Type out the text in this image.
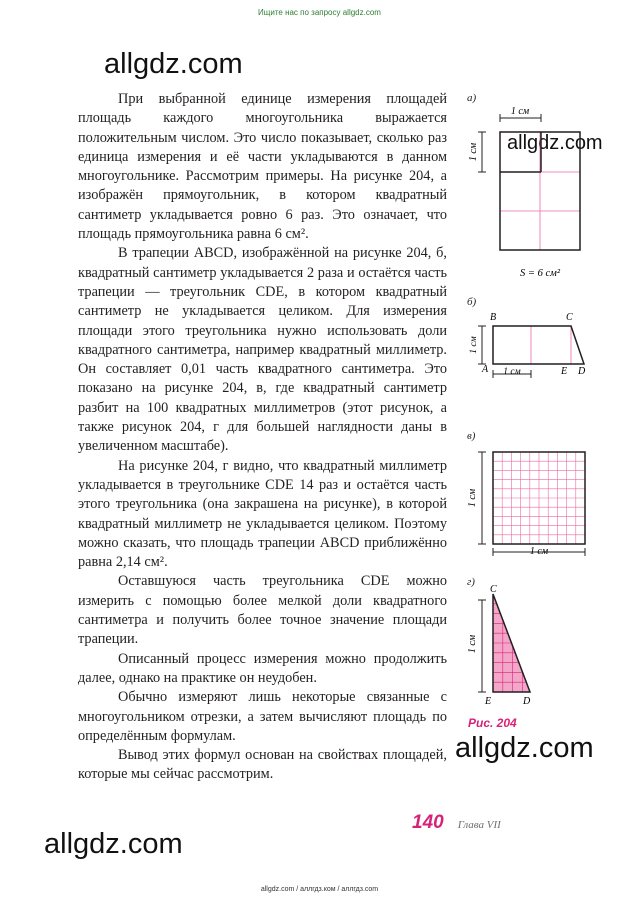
Ищите нас по запросу allgdz.com
allgdz.com
allgdz.com
allgdz.com
allgdz.com

При выбранной единице измерения площадей площадь каждого многоугольника выражается положительным числом. Это число показывает, сколько раз единица измерения и её части укладываются в данном многоугольнике. Рассмотрим примеры. На рисунке 204, а изображён прямоугольник, в котором квадратный сантиметр укладывается ровно 6 раз. Это означает, что площадь прямоугольника равна 6 см².

В трапеции ABCD, изображённой на рисунке 204, б, квадратный сантиметр укладывается 2 раза и остаётся часть трапеции — треугольник CDE, в котором квадратный сантиметр не укладывается целиком. Для измерения площади этого треугольника нужно использовать доли квадратного сантиметра, например квадратный миллиметр. Он составляет 0,01 часть квадратного сантиметра. Это показано на рисунке 204, в, где квадратный сантиметр разбит на 100 квадратных миллиметров (этот рисунок, а также рисунок 204, г для большей наглядности даны в увеличенном масштабе).

На рисунке 204, г видно, что квадратный миллиметр укладывается в треугольнике CDE 14 раз и остаётся часть этого треугольника (она закрашена на рисунке), в которой квадратный миллиметр не укладывается целиком. Поэтому можно сказать, что площадь трапеции ABCD приближённо равна 2,14 см².

Оставшуюся часть треугольника CDE можно измерить с помощью более мелкой доли квадратного сантиметра и получить более точное значение площади трапеции.

Описанный процесс измерения можно продолжить далее, однако на практике он неудобен.

Обычно измеряют лишь некоторые связанные с многоугольником отрезки, а затем вычисляют площадь по определённым формулам.

Вывод этих формул основан на свойствах площадей, которые мы сейчас рассмотрим.

а)
б)
в)
г)
1 см
1 см
S = 6 см²
B	C
A	E D
1 см
1 см
1 см
1 см
C
E	D
1 см
Рис. 204
140 Глава VII
allgdz.com / аллгдз.ком / аллгдз.com
